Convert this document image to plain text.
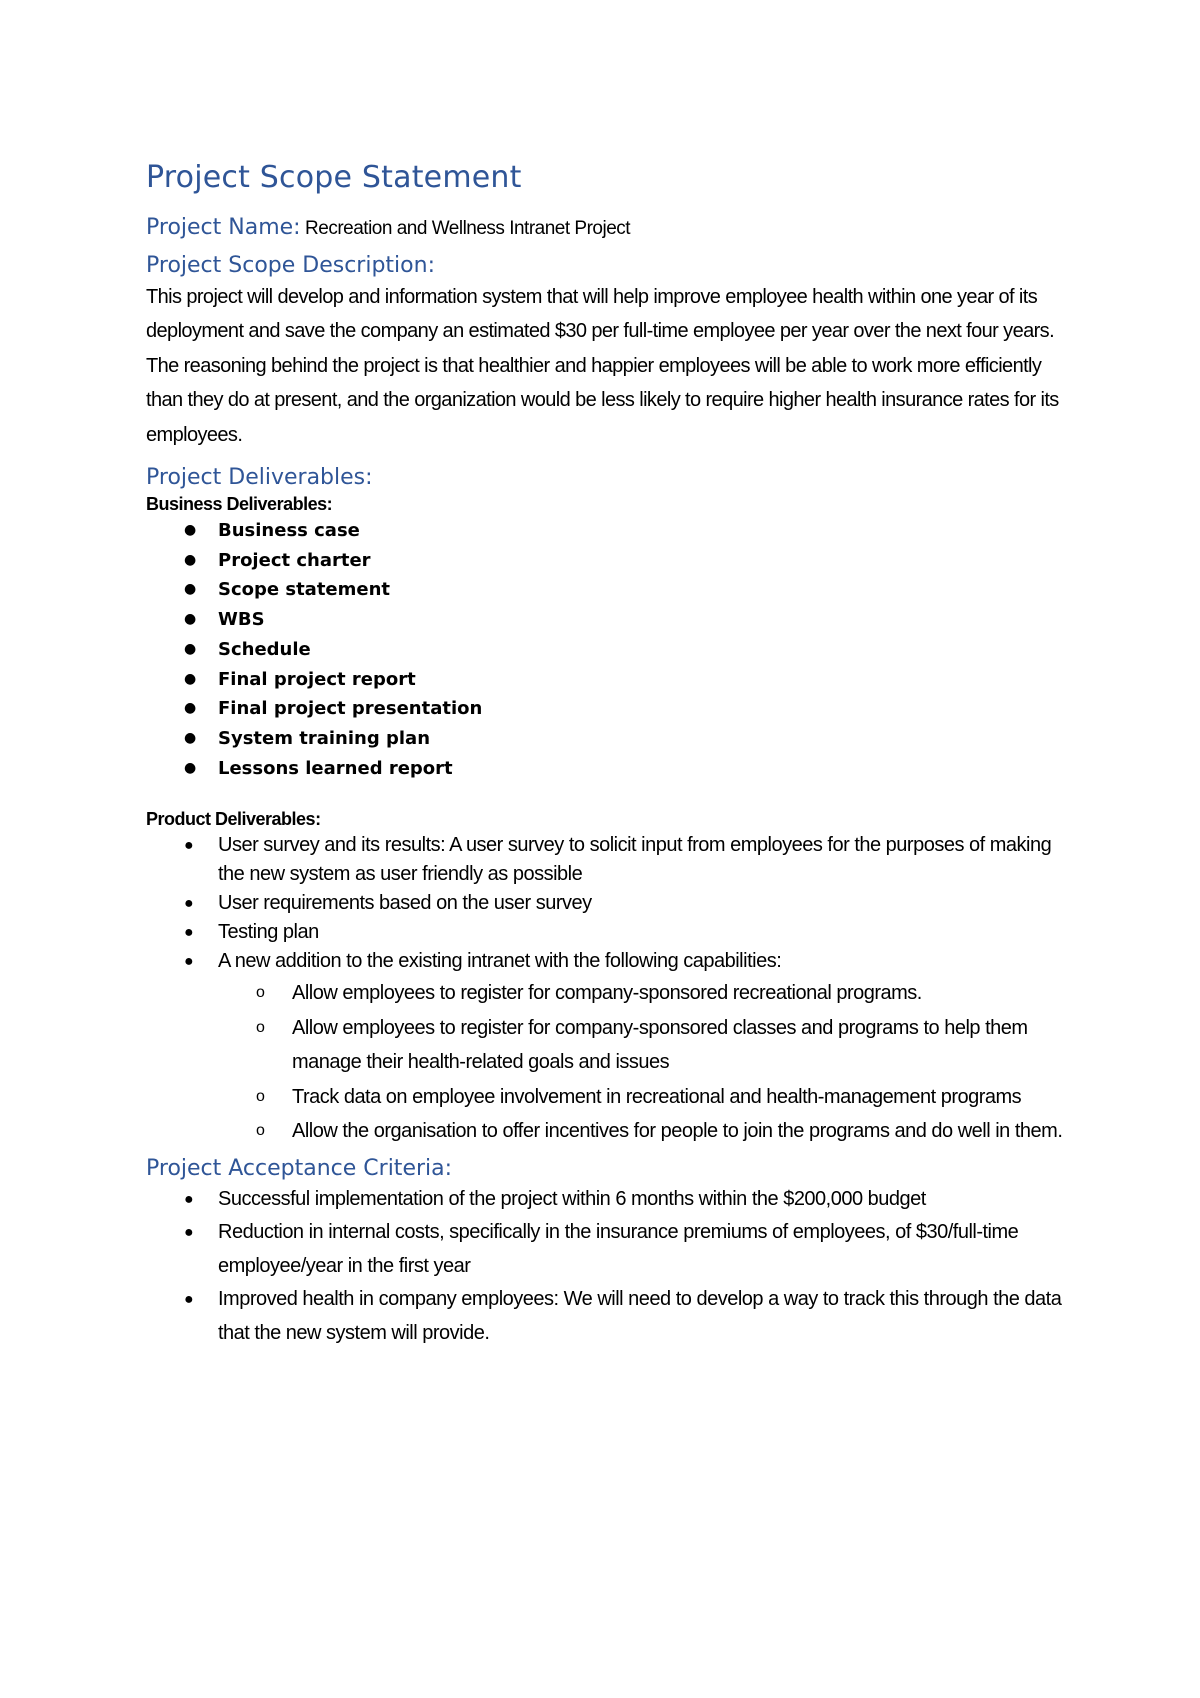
Project Scope Statement
Project Name: Recreation and Wellness Intranet Project
Project Scope Description:

This project will develop and information system that will help improve employee health within one year of its deployment and save the company an estimated $30 per full-time employee per year over the next four years. The reasoning behind the project is that healthier and happier employees will be able to work more efficiently than they do at present, and the organization would be less likely to require higher health insurance rates for its employees.

Project Deliverables:
Business Deliverables:
● Business case
● Project charter
● Scope statement
● WBS
● Schedule
● Final project report
● Final project presentation
● System training plan
● Lessons learned report
Product Deliverables:
● User survey and its results: A user survey to solicit input from employees for the purposes of making the new system as user friendly as possible
● User requirements based on the user survey
● Testing plan
● A new addition to the existing intranet with the following capabilities:
o Allow employees to register for company-sponsored recreational programs.
o Allow employees to register for company-sponsored classes and programs to help them manage their health-related goals and issues
o Track data on employee involvement in recreational and health-management programs
o Allow the organisation to offer incentives for people to join the programs and do well in them.
Project Acceptance Criteria:
● Successful implementation of the project within 6 months within the $200,000 budget
● Reduction in internal costs, specifically in the insurance premiums of employees, of $30/full-time employee/year in the first year
● Improved health in company employees: We will need to develop a way to track this through the data that the new system will provide.
